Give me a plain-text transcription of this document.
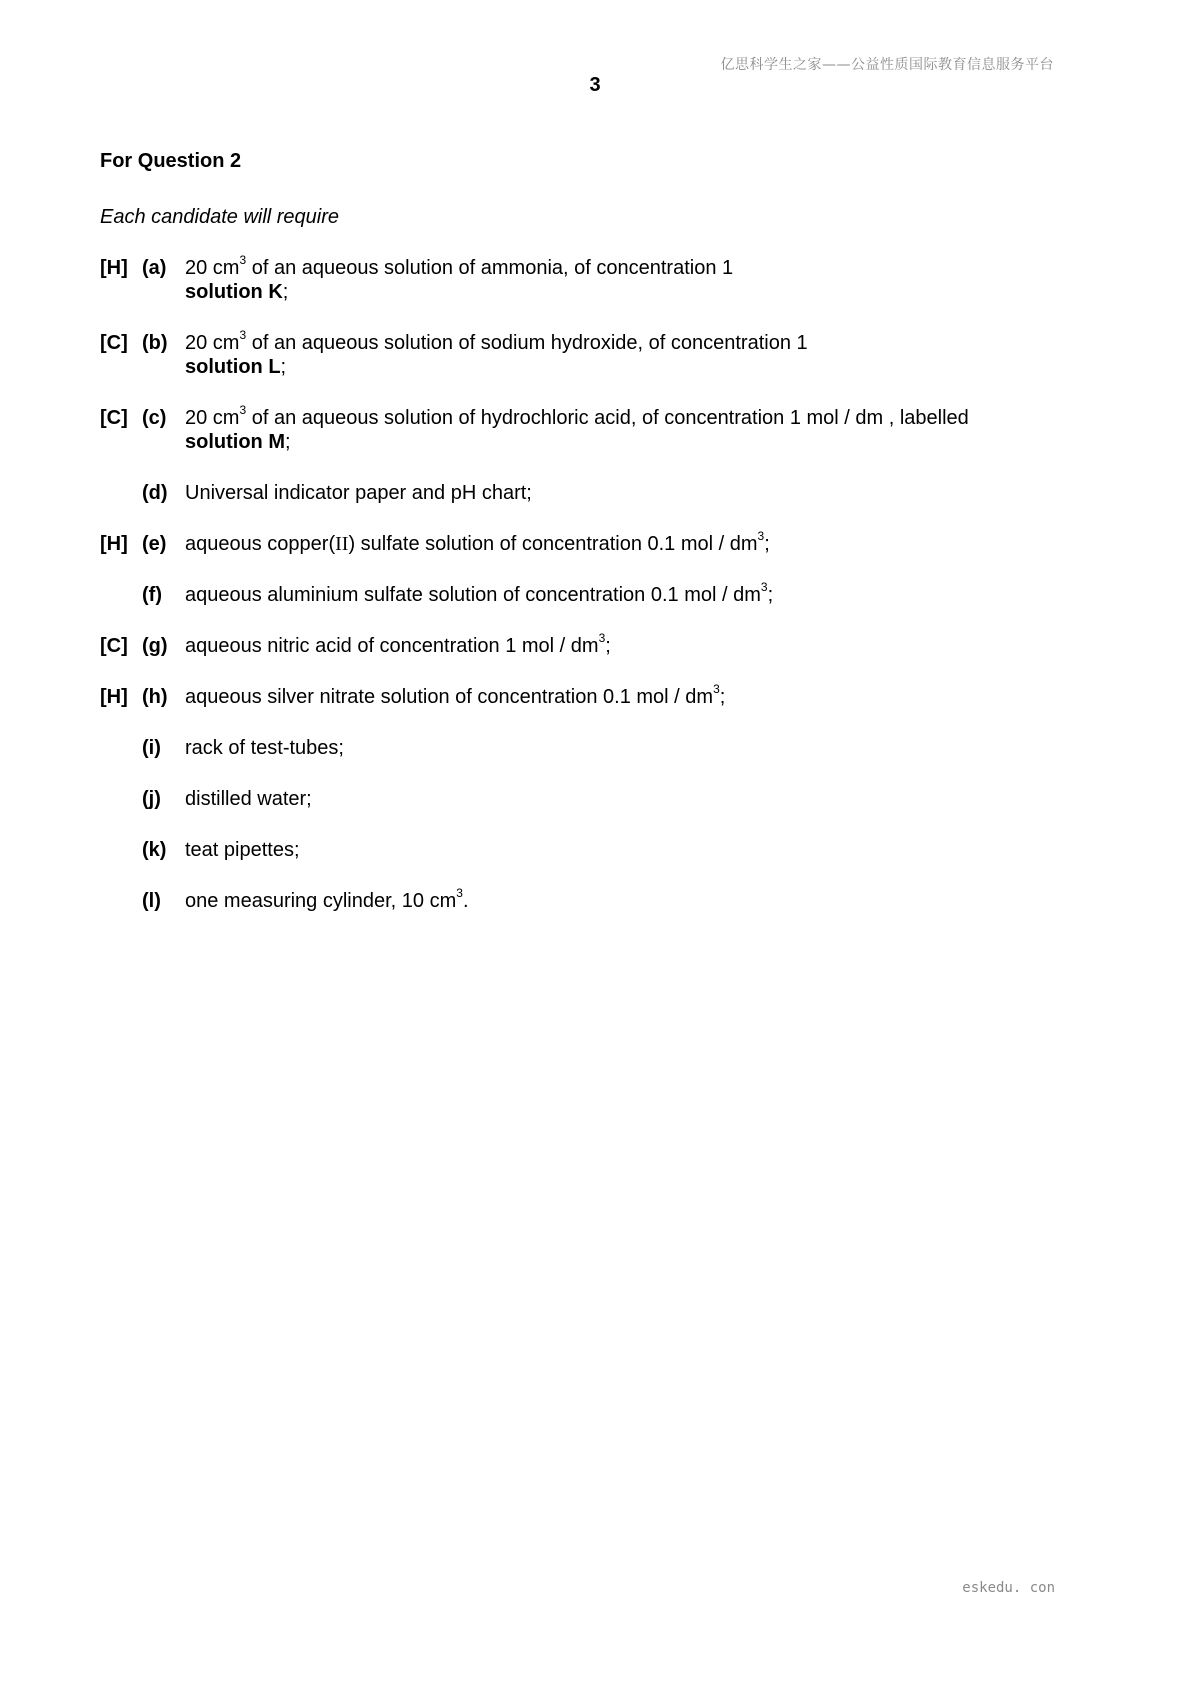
亿思科学生之家——公益性质国际教育信息服务平台
3
For Question 2
Each candidate will require
[H] (a) 20 $cm^3$ of an aqueous solution of ammonia, of concentration 1
solution K;
[C] (b) 20 $cm^3$ of an aqueous solution of sodium hydroxide, of concentration 1
solution L;
[C] (c) 20 $cm^3$ of an aqueous solution of hydrochloric acid, of concentration 1 mol / dm , labelled
solution M;
(d) Universal indicator paper and pH chart;
[H] (e) aqueous copper(II) sulfate solution of concentration 0.1 mol / $dm^3$;
(f) aqueous aluminium sulfate solution of concentration 0.1 mol / $dm^3$;
[C] (g) aqueous nitric acid of concentration 1 mol / $dm^3$;
[H] (h) aqueous silver nitrate solution of concentration 0.1 mol / $dm^3$;
(i) rack of test-tubes;
(j) distilled water;
(k) teat pipettes;
(l) one measuring cylinder, 10 $cm^3$.
eskedu. con
